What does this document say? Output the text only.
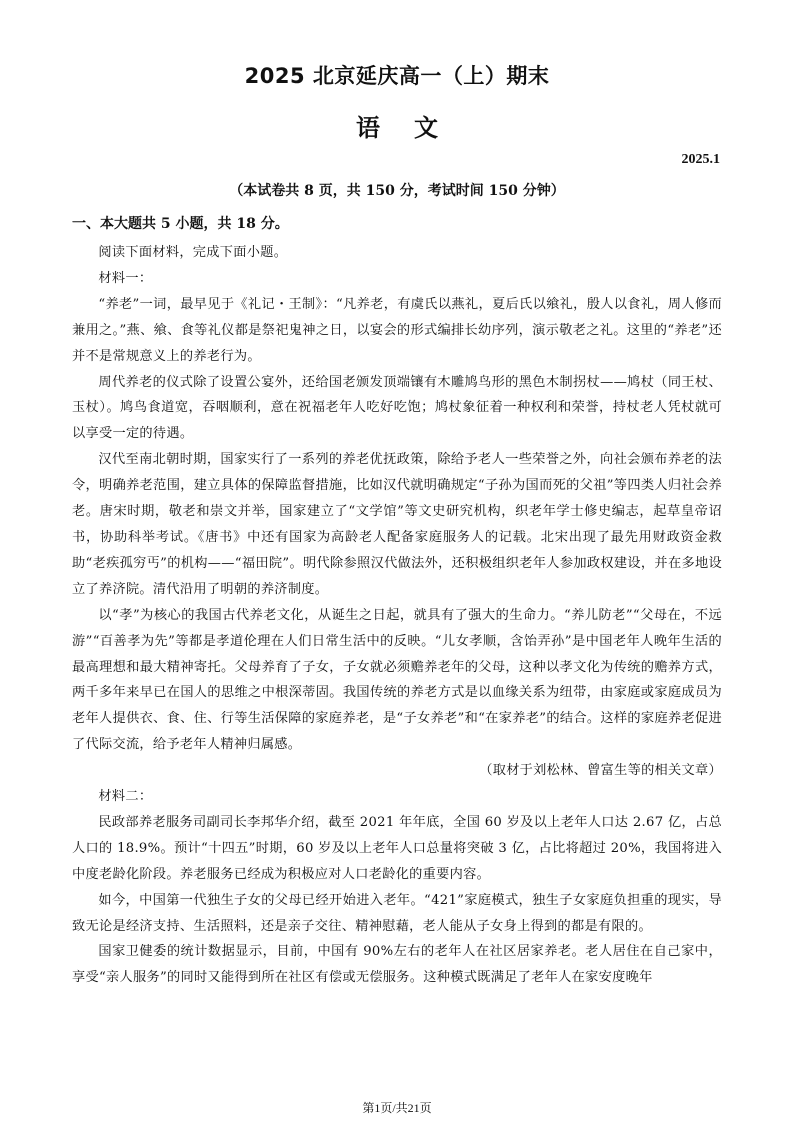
2025 北京延庆高一（上）期末
语文
2025.1
（本试卷共 8 页，共 150 分，考试时间 150 分钟）
一、本大题共 5 小题，共 18 分。

阅读下面材料，完成下面小题。

材料一：

“养老”一词，最早见于《礼记・王制》：“凡养老，有虞氏以燕礼，夏后氏以飨礼，殷人以食礼，周人修而兼用之。”燕、飨、食等礼仪都是祭祀鬼神之日，以宴会的形式编排长幼序列，演示敬老之礼。这里的“养老”还并不是常规意义上的养老行为。

周代养老的仪式除了设置公宴外，还给国老颁发顶端镶有木雕鸠鸟形的黑色木制拐杖——鸠杖（同王杖、玉杖）。鸠鸟食道宽，吞咽顺利，意在祝福老年人吃好吃饱；鸠杖象征着一种权利和荣誉，持杖老人凭杖就可以享受一定的待遇。

汉代至南北朝时期，国家实行了一系列的养老优抚政策，除给予老人一些荣誉之外，向社会颁布养老的法令，明确养老范围，建立具体的保障监督措施，比如汉代就明确规定“子孙为国而死的父祖”等四类人归社会养老。唐宋时期，敬老和崇文并举，国家建立了“文学馆”等文史研究机构，织老年学士修史编志，起草皇帝诏书，协助科举考试。《唐书》中还有国家为高龄老人配备家庭服务人的记载。北宋出现了最先用财政资金救助“老疾孤穷丐”的机构——“福田院”。明代除参照汉代做法外，还积极组织老年人参加政权建设，并在多地设立了养济院。清代沿用了明朝的养济制度。

以“孝”为核心的我国古代养老文化，从诞生之日起，就具有了强大的生命力。“养儿防老”“父母在，不远游”“百善孝为先”等都是孝道伦理在人们日常生活中的反映。“儿女孝顺，含饴弄孙”是中国老年人晚年生活的最高理想和最大精神寄托。父母养育了子女，子女就必须赡养老年的父母，这种以孝文化为传统的赡养方式，两千多年来早已在国人的思维之中根深蒂固。我国传统的养老方式是以血缘关系为纽带，由家庭或家庭成员为老年人提供衣、食、住、行等生活保障的家庭养老，是“子女养老”和“在家养老”的结合。这样的家庭养老促进了代际交流，给予老年人精神归属感。

（取材于刘松林、曾富生等的相关文章）

材料二：

民政部养老服务司副司长李邦华介绍，截至 2021 年年底，全国 60 岁及以上老年人口达 2.67 亿，占总人口的 18.9%。预计“十四五”时期，60 岁及以上老年人口总量将突破 3 亿，占比将超过 20%，我国将进入中度老龄化阶段。养老服务已经成为积极应对人口老龄化的重要内容。

如今，中国第一代独生子女的父母已经开始进入老年。“421”家庭模式，独生子女家庭负担重的现实，导致无论是经济支持、生活照料，还是亲子交往、精神慰藉，老人能从子女身上得到的都是有限的。

国家卫健委的统计数据显示，目前，中国有 90%左右的老年人在社区居家养老。老人居住在自己家中，享受“亲人服务”的同时又能得到所在社区有偿或无偿服务。这种模式既满足了老年人在家安度晚年

第1页/共21页
